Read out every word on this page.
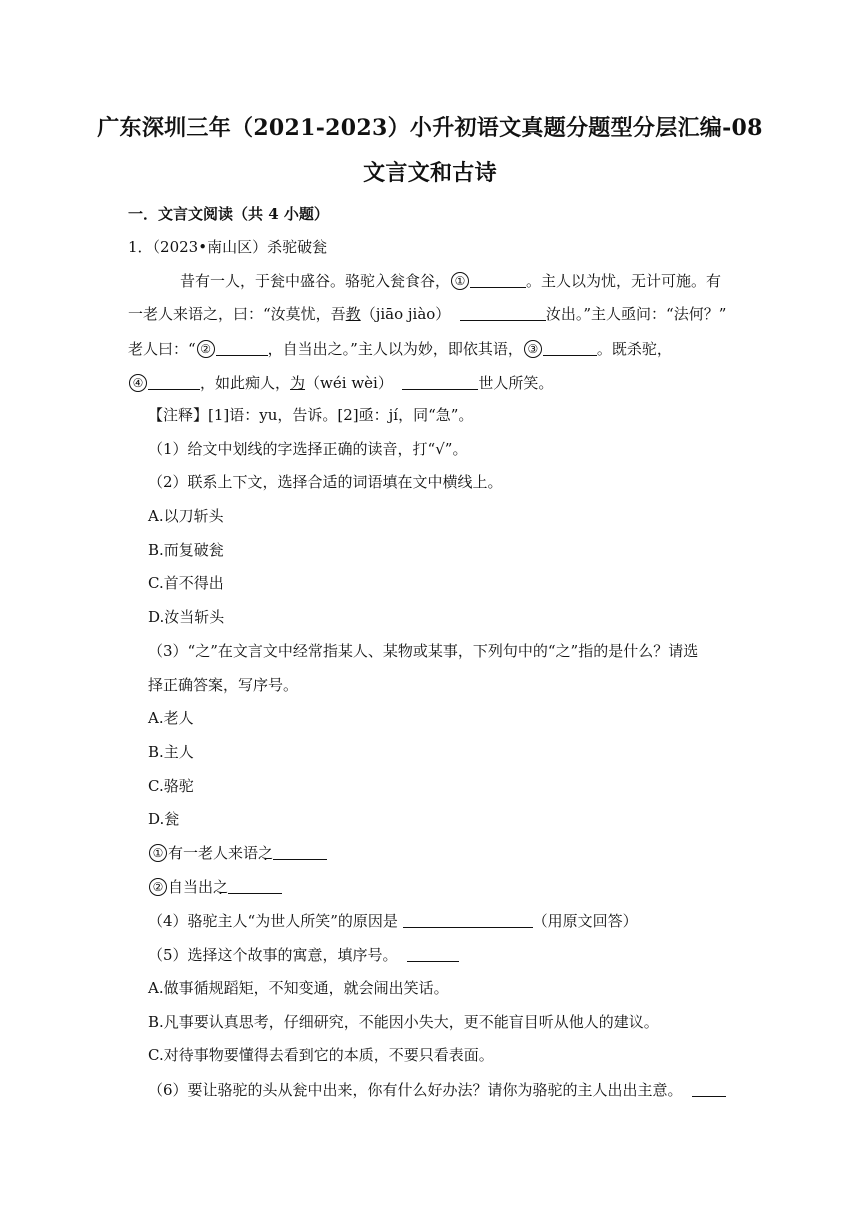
广东深圳三年（2021-2023）小升初语文真题分题型分层汇编-08
文言文和古诗
一．文言文阅读（共 4 小题）
1．（2023•南山区）杀驼破瓮
昔有一人，于瓮中盛谷。骆驼入瓮食谷， ①	。主人以为忧，无计可施。有
一老人来语之，曰：“汝莫忧，吾教（jiāo jiào）	汝出。”主人亟问：“法何？”
老人曰：“ ②	，自当出之。”主人以为妙，即依其语， ③	。既杀驼，
④	，如此痴人，为（wéi wèi）	世人所笑。
【注释】[1]语：yu，告诉。[2]亟：jí，同“急”。
（1）给文中划线的字选择正确的读音，打“√”。
（2）联系上下文，选择合适的词语填在文中横线上。
A.以刀斩头
B.而复破瓮
C.首不得出
D.汝当斩头
（3）“之”在文言文中经常指某人、某物或某事，下列句中的“之”指的是什么？请选
择正确答案，写序号。
A.老人
B.主人
C.骆驼
D.瓮
① 有一老人来语之
② 自当出之
（4）骆驼主人“为世人所笑”的原因是	（用原文回答）
（5）选择这个故事的寓意，填序号。
A.做事循规蹈矩，不知变通，就会闹出笑话。
B.凡事要认真思考，仔细研究，不能因小失大，更不能盲目听从他人的建议。
C.对待事物要懂得去看到它的本质，不要只看表面。
（6）要让骆驼的头从瓮中出来，你有什么好办法？请你为骆驼的主人出出主意。
